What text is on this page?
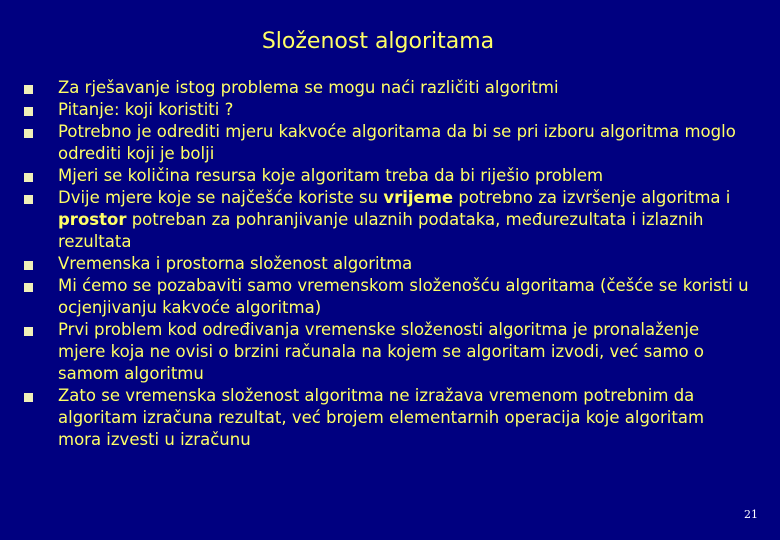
Složenost algoritama
Za rješavanje istog problema se mogu naći različiti algoritmi
Pitanje: koji koristiti ?
Potrebno je odrediti mjeru kakvoće algoritama da bi se pri izboru algoritma moglo odrediti koji je bolji
Mjeri se količina resursa koje algoritam treba da bi riješio problem
Dvije mjere koje se najčešće koriste su vrijeme potrebno za izvršenje algoritma i prostor potreban za pohranjivanje ulaznih podataka, međurezultata i izlaznih rezultata
Vremenska i prostorna složenost algoritma
Mi ćemo se pozabaviti samo vremenskom složenošću algoritama (češće se koristi u ocjenjivanju kakvoće algoritma)
Prvi problem kod određivanja vremenske složenosti algoritma je pronalaženje mjere koja ne ovisi o brzini računala na kojem se algoritam izvodi, već samo o samom algoritmu
Zato se vremenska složenost algoritma ne izražava vremenom potrebnim da algoritam izračuna rezultat, već brojem elementarnih operacija koje algoritam mora izvesti u izračunu
21
